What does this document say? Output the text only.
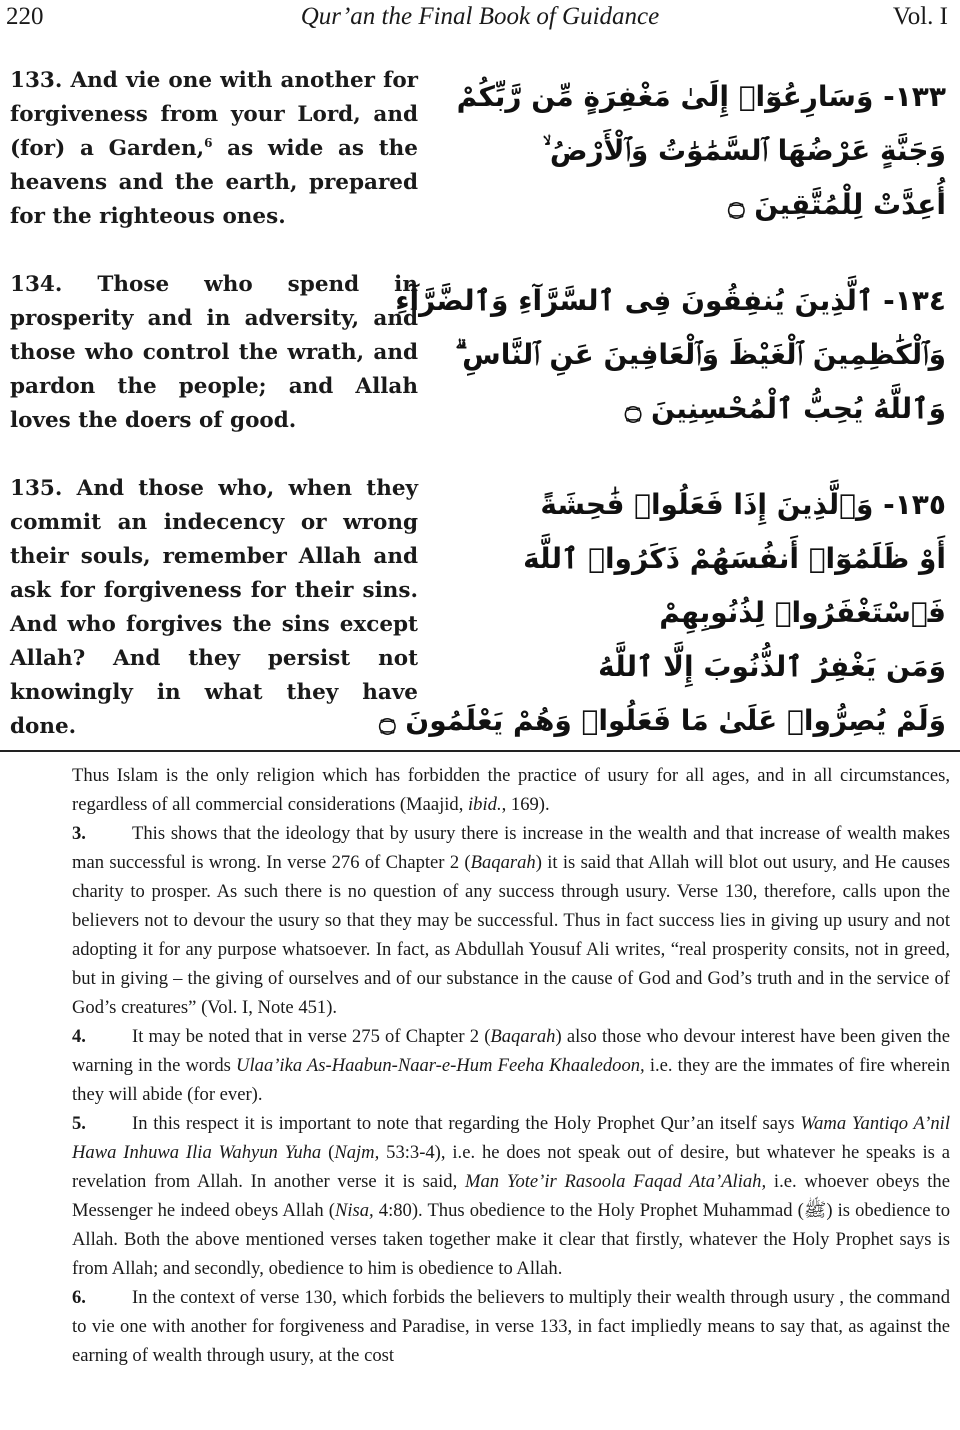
220	Qur’an the Final Book of Guidance	Vol. I

133. And vie one with another for forgiveness from your Lord, and (for) a Garden,$^6$ as wide as the heavens and the earth, prepared for the righteous ones.

١٣٣- وَسَارِعُوٓا۟ إِلَىٰ مَغْفِرَةٍ مِّن رَّبِّكُمْ
وَجَنَّةٍ عَرْضُهَا ٱلسَّمَٰوَٰتُ وَٱلْأَرْضُ ۙ
أُعِدَّتْ لِلْمُتَّقِينَ ۝

134. Those who spend in prosperity and in adversity, and those who control the wrath, and pardon the people; and Allah loves the doers of good.

١٣٤- ٱلَّذِينَ يُنفِقُونَ فِى ٱلسَّرَّآءِ وَٱلضَّرَّآءِ
وَٱلْكَٰظِمِينَ ٱلْغَيْظَ وَٱلْعَافِينَ عَنِ ٱلنَّاسِ ۗ
وَٱللَّهُ يُحِبُّ ٱلْمُحْسِنِينَ ۝

135. And those who, when they commit an indecency or wrong their souls, remember Allah and ask for forgiveness for their sins. And who forgives the sins except Allah? And they persist not knowingly in what they have done.

١٣٥- وَٱلَّذِينَ إِذَا فَعَلُوا۟ فَٰحِشَةً
أَوْ ظَلَمُوٓا۟ أَنفُسَهُمْ ذَكَرُوا۟ ٱللَّهَ
فَٱسْتَغْفَرُوا۟ لِذُنُوبِهِمْ
وَمَن يَغْفِرُ ٱلذُّنُوبَ إِلَّا ٱللَّهُ
وَلَمْ يُصِرُّوا۟ عَلَىٰ مَا فَعَلُوا۟ وَهُمْ يَعْلَمُونَ ۝

Thus Islam is the only religion which has forbidden the practice of usury for all ages, and in all circumstances, regardless of all commercial considerations (Maajid, ibid., 169).

3. This shows that the ideology that by usury there is increase in the wealth and that increase of wealth makes man successful is wrong. In verse 276 of Chapter 2 (Baqarah) it is said that Allah will blot out usury, and He causes charity to prosper. As such there is no question of any success through usury. Verse 130, therefore, calls upon the believers not to devour the usury so that they may be successful. Thus in fact success lies in giving up usury and not adopting it for any purpose whatsoever. In fact, as Abdullah Yousuf Ali writes, “real prosperity consits, not in greed, but in giving – the giving of ourselves and of our substance in the cause of God and God’s truth and in the service of God’s creatures” (Vol. I, Note 451).

4. It may be noted that in verse 275 of Chapter 2 (Baqarah) also those who devour interest have been given the warning in the words Ulaa’ika As-Haabun-Naar-e-Hum Feeha Khaaledoon, i.e. they are the immates of fire wherein they will abide (for ever).

5. In this respect it is important to note that regarding the Holy Prophet Qur’an itself says Wama Yantiqo A’nil Hawa Inhuwa Ilia Wahyun Yuha (Najm, 53:3-4), i.e. he does not speak out of desire, but whatever he speaks is a revelation from Allah. In another verse it is said, Man Yote’ir Rasoola Faqad Ata’Aliah, i.e. whoever obeys the Messenger he indeed obeys Allah (Nisa, 4:80). Thus obedience to the Holy Prophet Muhammad (ﷺ) is obedience to Allah. Both the above mentioned verses taken together make it clear that firstly, whatever the Holy Prophet says is from Allah; and secondly, obedience to him is obedience to Allah.

6. In the context of verse 130, which forbids the believers to multiply their wealth through usury , the command to vie one with another for forgiveness and Paradise, in verse 133, in fact impliedly means to say that, as against the earning of wealth through usury, at the cost
